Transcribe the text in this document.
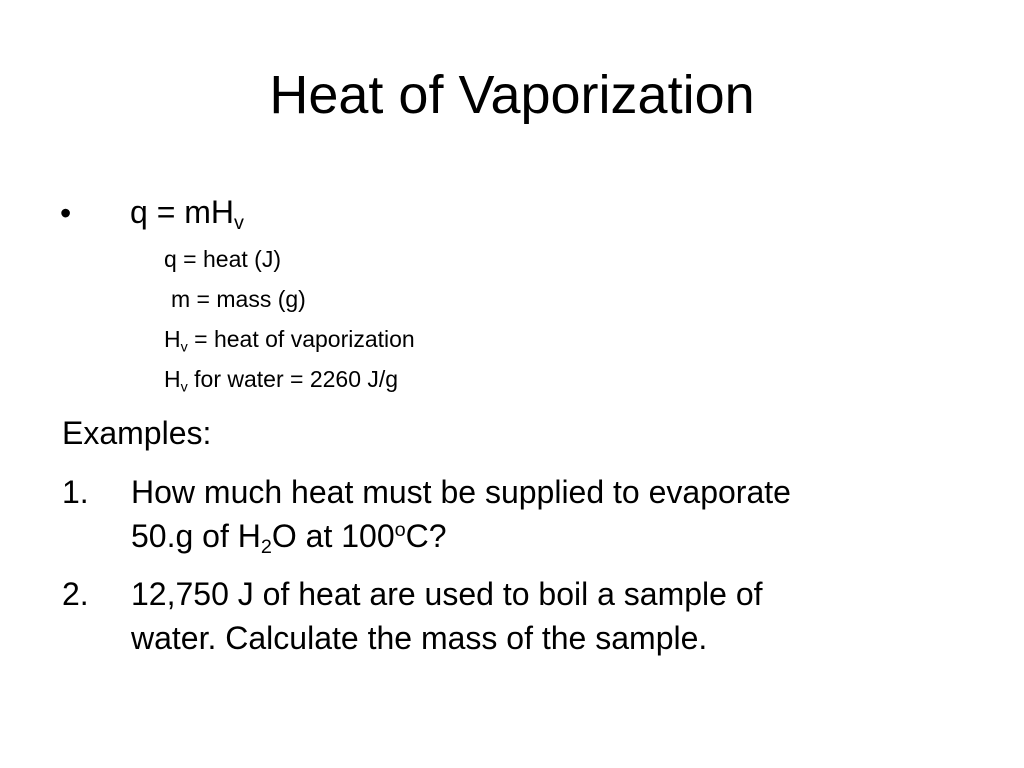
Heat of Vaporization
• $q = mH_v$
q = heat (J)
m = mass (g)
$H_v$ = heat of vaporization
$H_v$ for water = 2260 J/g
Examples:
1. How much heat must be supplied to evaporate
50.g of $H_2O$ at 100$^o$C?
2. 12,750 J of heat are used to boil a sample of
water. Calculate the mass of the sample.
